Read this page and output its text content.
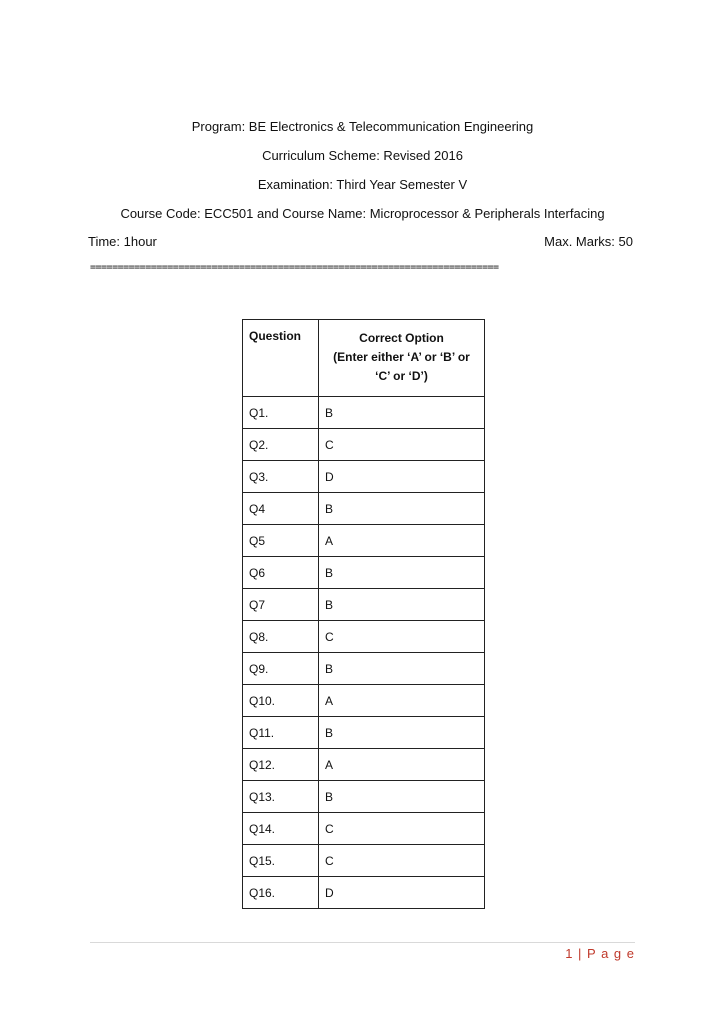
Program: BE Electronics & Telecommunication Engineering
Curriculum Scheme: Revised 2016
Examination: Third Year Semester V
Course Code: ECC501 and Course Name: Microprocessor & Peripherals Interfacing
Time: 1hour	Max. Marks: 50
==========================================================================
Question	Correct Option
(Enter either ‘A’ or ‘B’ or
‘C’ or ‘D’)

Q1.	B
Q2.	C
Q3.	D
Q4	B
Q5	A
Q6	B
Q7	B
Q8.	C
Q9.	B
Q10.	A
Q11.	B
Q12.	A
Q13.	B
Q14.	C
Q15.	C
Q16.	D
1 | P a g e
